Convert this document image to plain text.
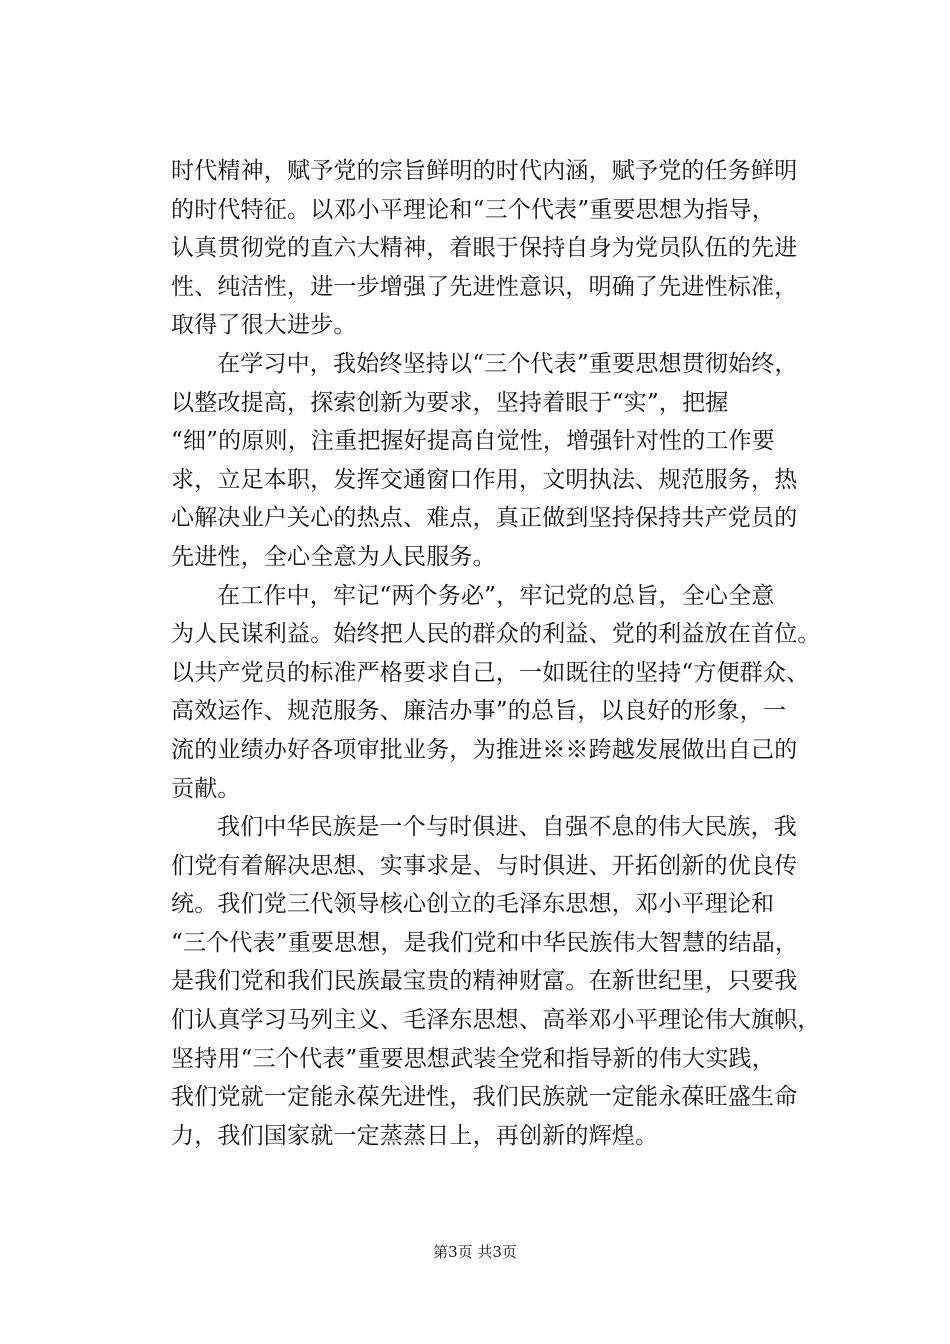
时代精神，赋予党的宗旨鲜明的时代内涵，赋予党的任务鲜明
的时代特征。以邓小平理论和“三个代表”重要思想为指导，
认真贯彻党的直六大精神，着眼于保持自身为党员队伍的先进
性、纯洁性，进一步增强了先进性意识，明确了先进性标准，
取得了很大进步。
在学习中，我始终坚持以“三个代表”重要思想贯彻始终，
以整改提高，探索创新为要求，坚持着眼于“实”，把握
“细”的原则，注重把握好提高自觉性，增强针对性的工作要
求，立足本职，发挥交通窗口作用，文明执法、规范服务，热
心解决业户关心的热点、难点，真正做到坚持保持共产党员的
先进性，全心全意为人民服务。
在工作中，牢记“两个务必”，牢记党的总旨，全心全意
为人民谋利益。始终把人民的群众的利益、党的利益放在首位。
以共产党员的标准严格要求自己，一如既往的坚持“方便群众、
高效运作、规范服务、廉洁办事”的总旨，以良好的形象，一
流的业绩办好各项审批业务，为推进※※跨越发展做出自己的
贡献。
我们中华民族是一个与时俱进、自强不息的伟大民族，我
们党有着解决思想、实事求是、与时俱进、开拓创新的优良传
统。我们党三代领导核心创立的毛泽东思想，邓小平理论和
“三个代表”重要思想，是我们党和中华民族伟大智慧的结晶，
是我们党和我们民族最宝贵的精神财富。在新世纪里，只要我
们认真学习马列主义、毛泽东思想、高举邓小平理论伟大旗帜，
坚持用“三个代表”重要思想武装全党和指导新的伟大实践，
我们党就一定能永葆先进性，我们民族就一定能永葆旺盛生命
力，我们国家就一定蒸蒸日上，再创新的辉煌。
第3页 共3页
